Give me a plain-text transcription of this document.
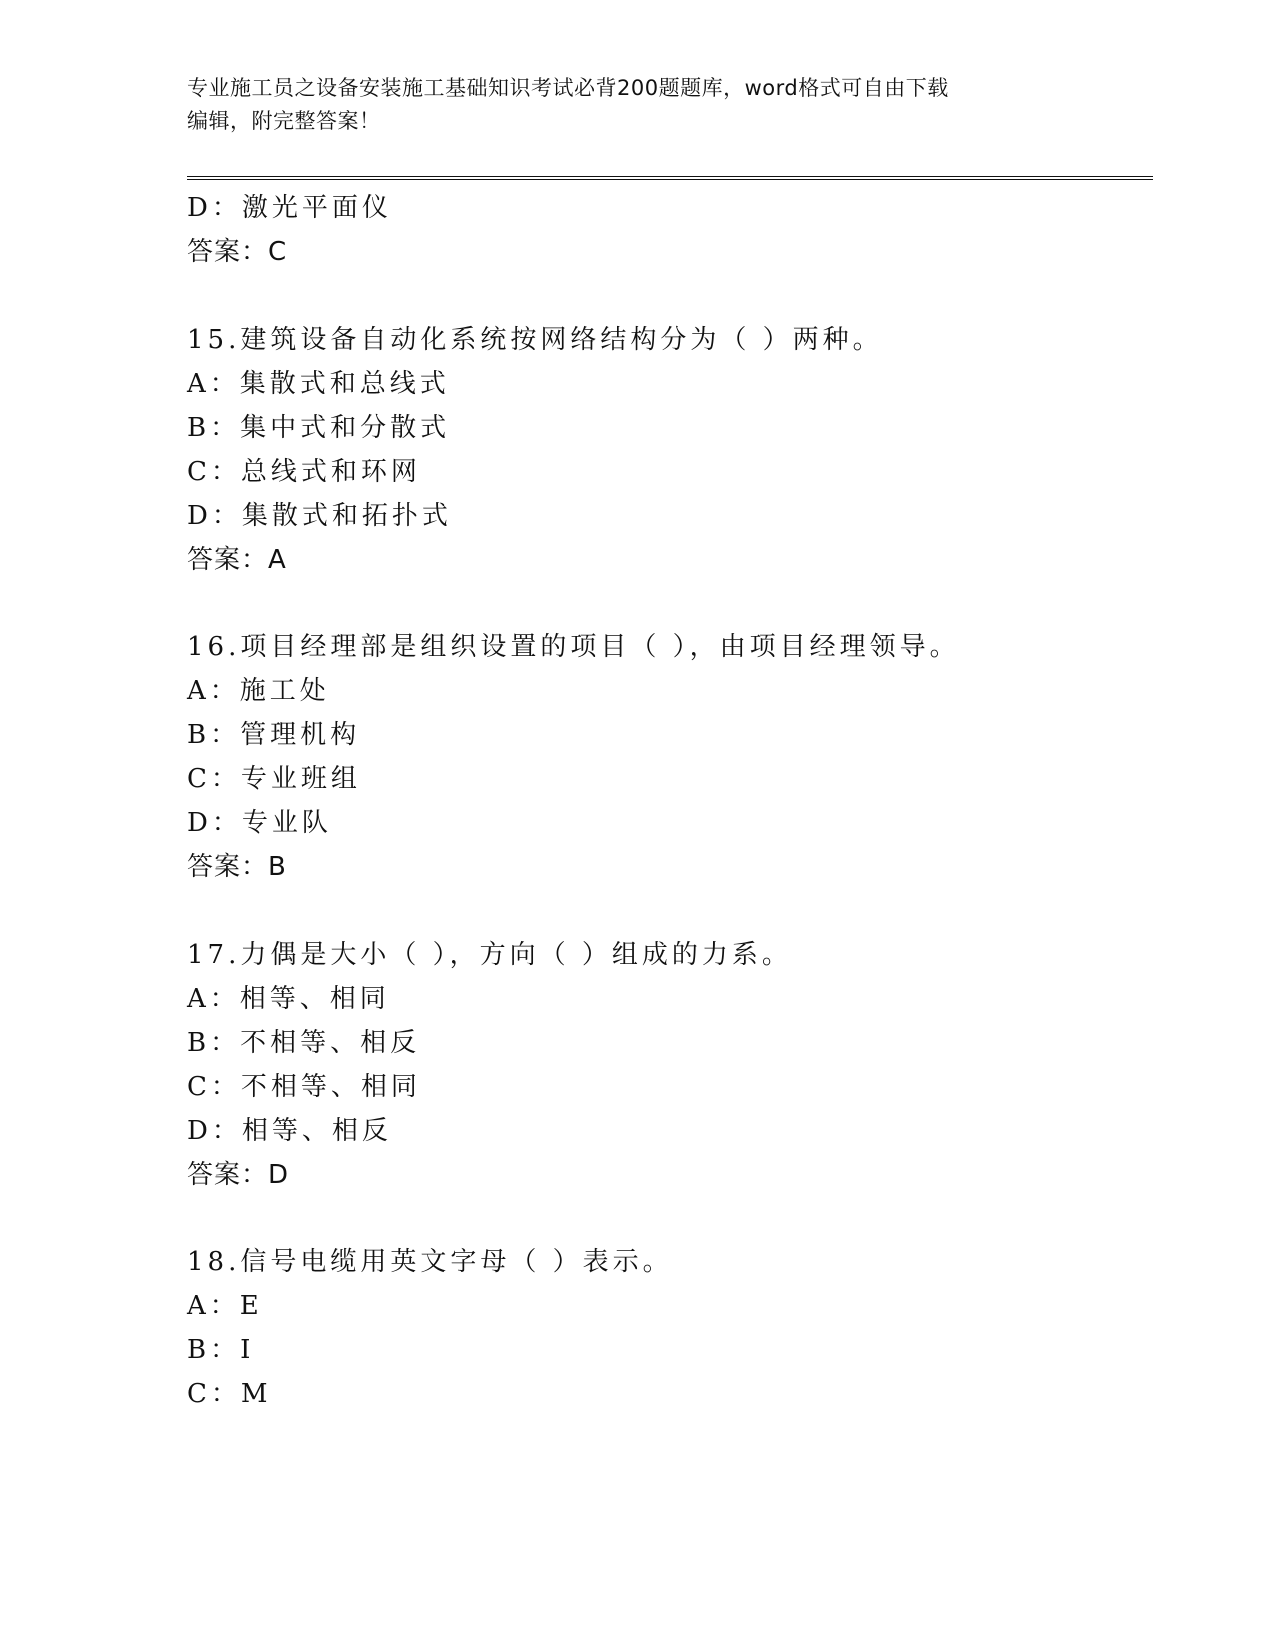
专业施工员之设备安装施工基础知识考试必背200题题库，word格式可自由下载
编辑，附完整答案！
D：激光平面仪
答案：C
15.建筑设备自动化系统按网络结构分为（ ）两种。
A：集散式和总线式
B：集中式和分散式
C：总线式和环网
D：集散式和拓扑式
答案：A
16.项目经理部是组织设置的项目（ ），由项目经理领导。
A：施工处
B：管理机构
C：专业班组
D：专业队
答案：B
17.力偶是大小（ ），方向（ ）组成的力系。
A：相等、相同
B：不相等、相反
C：不相等、相同
D：相等、相反
答案：D
18.信号电缆用英文字母（ ）表示。
A：E
B：I
C：M
